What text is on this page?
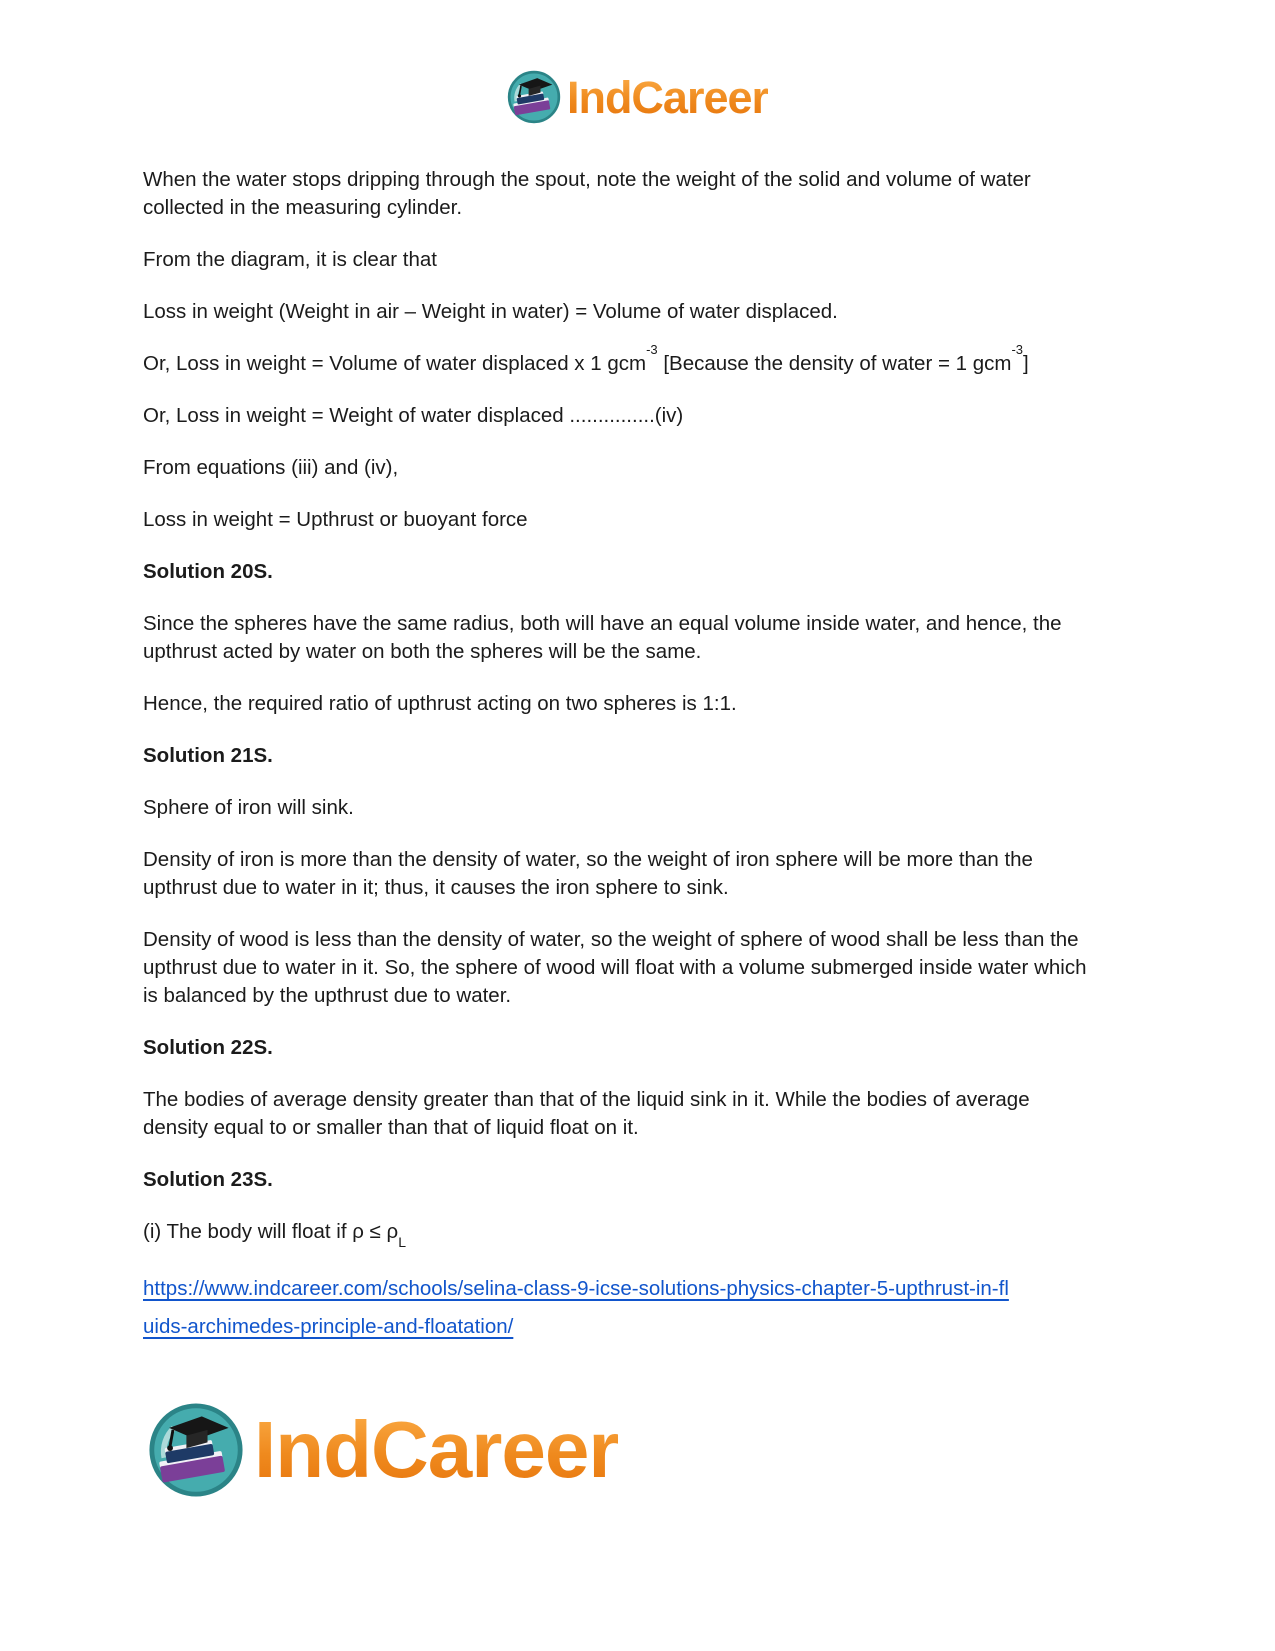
IndCareer

When the water stops dripping through the spout, note the weight of the solid and volume of water collected in the measuring cylinder.

From the diagram, it is clear that

Loss in weight (Weight in air – Weight in water) = Volume of water displaced.

Or, Loss in weight = Volume of water displaced x 1 gcm$^{-3}$ [Because the density of water = 1 gcm$^{-3}$]

Or, Loss in weight = Weight of water displaced ...............(iv)

From equations (iii) and (iv),

Loss in weight = Upthrust or buoyant force

Solution 20S.

Since the spheres have the same radius, both will have an equal volume inside water, and hence, the upthrust acted by water on both the spheres will be the same.

Hence, the required ratio of upthrust acting on two spheres is 1:1.

Solution 21S.

Sphere of iron will sink.

Density of iron is more than the density of water, so the weight of iron sphere will be more than the upthrust due to water in it; thus, it causes the iron sphere to sink.

Density of wood is less than the density of water, so the weight of sphere of wood shall be less than the upthrust due to water in it. So, the sphere of wood will float with a volume submerged inside water which is balanced by the upthrust due to water.

Solution 22S.

The bodies of average density greater than that of the liquid sink in it. While the bodies of average density equal to or smaller than that of liquid float on it.

Solution 23S.

(i) The body will float if $\rho \le \rho_L$

https://www.indcareer.com/schools/selina-class-9-icse-solutions-physics-chapter-5-upthrust-in-fl
uids-archimedes-principle-and-floatation/
IndCareer
